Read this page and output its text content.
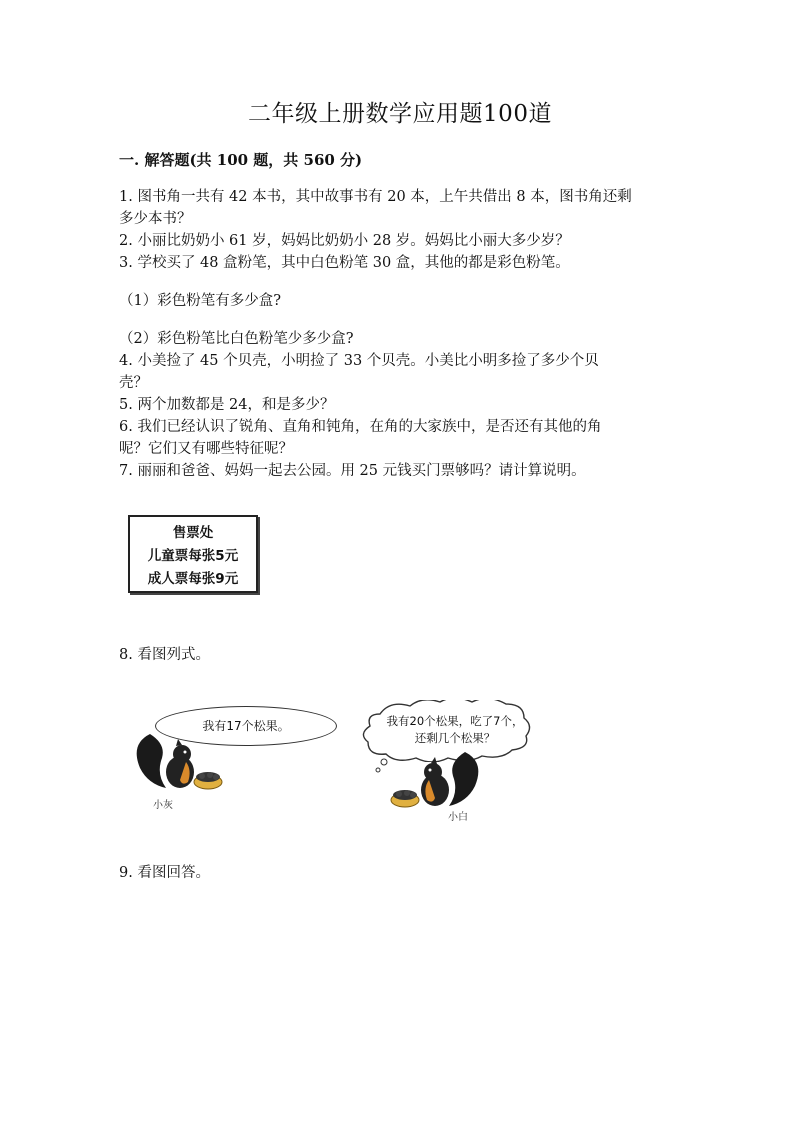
二年级上册数学应用题100道
一. 解答题(共 100 题，共 560 分)
1. 图书角一共有 42 本书，其中故事书有 20 本，上午共借出 8 本，图书角还剩
多少本书？
2. 小丽比奶奶小 61 岁，妈妈比奶奶小 28 岁。妈妈比小丽大多少岁？
3. 学校买了 48 盒粉笔，其中白色粉笔 30 盒，其他的都是彩色粉笔。
（1）彩色粉笔有多少盒?
（2）彩色粉笔比白色粉笔少多少盒?
4. 小美捡了 45 个贝壳，小明捡了 33 个贝壳。小美比小明多捡了多少个贝
壳？
5. 两个加数都是 24，和是多少？
6. 我们已经认识了锐角、直角和钝角，在角的大家族中，是否还有其他的角
呢？它们又有哪些特征呢？
7. 丽丽和爸爸、妈妈一起去公园。用 25 元钱买门票够吗？请计算说明。
售票处
儿童票每张5元
成人票每张9元
8. 看图列式。
我有17个松果。	我有20个松果，吃了7个，
还剩几个松果？
小灰
小白
9. 看图回答。
